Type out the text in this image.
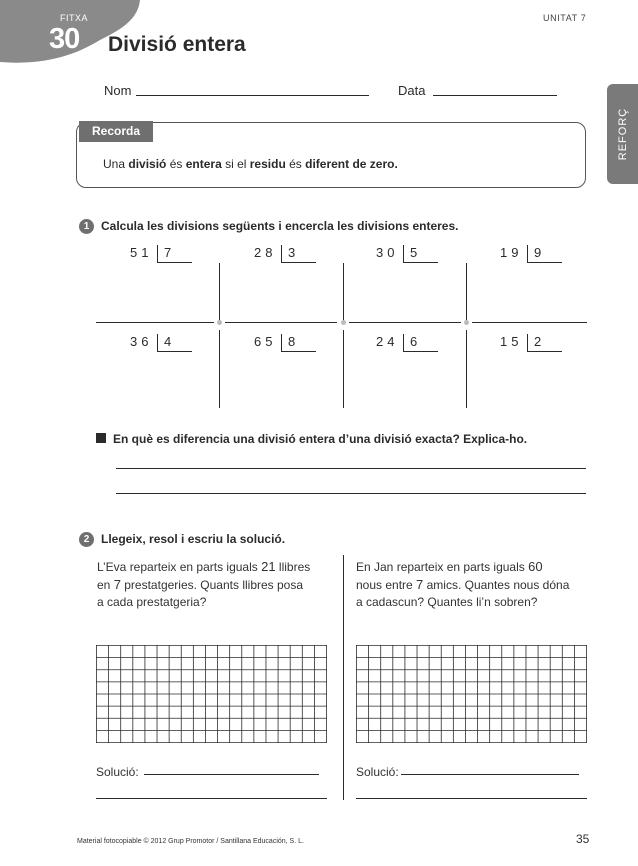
FITXA
30 Divisió entera
UNITAT 7
REFORÇ
Nom	Data
Recorda
Una divisió és entera si el residu és diferent de zero.
1 Calcula les divisions següents i encercla les divisions enteres.
51 7	28 3	30 5	19 9
36 4	65 8	24 6	15 2
En què es diferencia una divisió entera d’una divisió exacta? Explica-ho.
2 Llegeix, resol i escriu la solució.
L’Eva reparteix en parts iguals 21 llibres
en 7 prestatgeries. Quants llibres posa
a cada prestatgeria?
En Jan reparteix en parts iguals 60
nous entre 7 amics. Quantes nous dóna
a cadascun? Quantes li’n sobren?
Solució:	Solució:
Material fotocopiable © 2012 Grup Promotor / Santillana Educación, S. L.	35
